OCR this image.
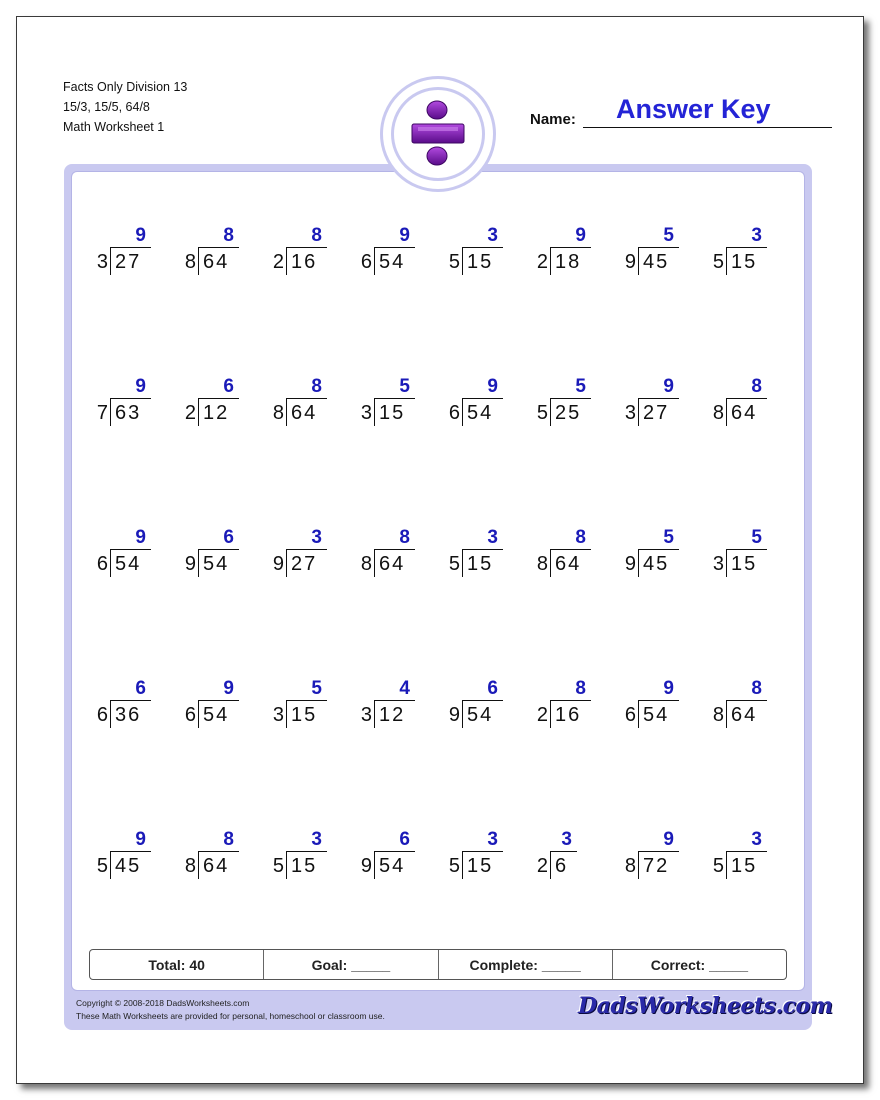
Facts Only Division 13
15/3, 15/5, 64/8
Math Worksheet 1	Name: Answer Key
9
3 27
8
8 64
8
2 16
9
6 54
3
5 15
9
2 18
5
9 45
3
5 15
9
7 63
6
2 12
8
8 64
5
3 15
9
6 54
5
5 25
9
3 27
8
8 64
9
6 54
6
9 54
3
9 27
8
8 64
3
5 15
8
8 64
5
9 45
5
3 15
6
6 36
9
6 54
5
3 15
4
3 12
6
9 54
8
2 16
9
6 54
8
8 64
9
5 45
8
8 64
3
5 15
6
9 54
3
5 15
3
2 6
9
8 72
3
5 15
Total: 40	Goal: _____	Complete: _____	Correct: _____
Copyright © 2008-2018 DadsWorksheets.com
These Math Worksheets are provided for personal, homeschool or classroom use.	DadsWorksheets.com
